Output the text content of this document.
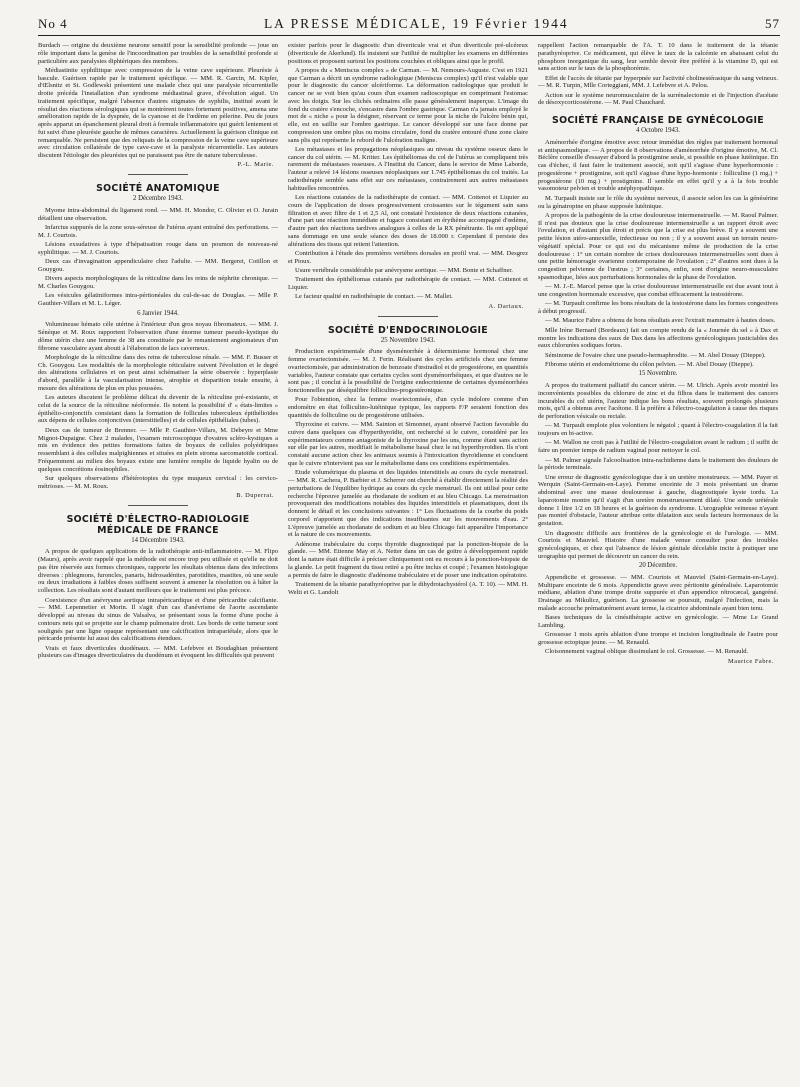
No 4	LA PRESSE MÉDICALE, 19 Février 1944	57

Burdach — origine du deuxième neurone sensitif pour la sensibilité profonde — joue un rôle important dans la genèse de l'incoordination par troubles de la sensibilité profonde si particulière aux paralysies diphtériques des membres.

Médiastinite syphilitique avec compression de la veine cave supérieure. Pleurésie à bascule. Guérison rapide par le traitement spécifique. — MM. R. Garcin, M. Kipfer, d'Œlsnitz et St. Godlewski présentent une malade chez qui une paralysie récurrentielle droite précéda l'installation d'un syndrome médiastinal grave, d'évolution aiguë. Un traitement spécifique, malgré l'absence d'autres stigmates de syphilis, institué avant le résultat des réactions sérologiques qui se montrèrent toutes fortement positives, amena une amélioration rapide de la dyspnée, de la cyanose et de l'œdème en pèlerine. Peu de jours après apparut un épanchement pleural droit à formule inflammatoire qui guérit lentement et fut suivi d'une pleurésie gauche de mêmes caractères. Actuellement la guérison clinique est remarquable. Ne persistent que des reliquats de la compression de la veine cave supérieure avec circulation collatérale de type cave-cave et la paralysie récurrentielle. Les auteurs discutent l'étiologie des pleurésies qui ne paraissent pas être de nature tuberculeuse.

P.-L. Marie.
SOCIÉTÉ ANATOMIQUE
2 Décembre 1943.

Myome intra-abdominal du ligament rond. — MM. H. Mondor, C. Olivier et O. Jurain détaillent une observation.

Infarctus suppurés de la zone sous-séreuse de l'utérus ayant entraîné des perforations. — M. J. Courtois.

Lésions exsudatives à type d'hépatisation rouge dans un poumon de nouveau-né syphilitique. — M. J. Courtois.

Deux cas d'invagination appendiculaire chez l'adulte. — MM. Bergeret, Cotillon et Gouygou.

Divers aspects morphologiques de la réticuline dans les reins de néphrite chronique. — M. Charles Gouygou.

Les vésicules gélatiniformes intra-péritonéales du cul-de-sac de Douglas. — Mlle P. Gauthier-Villars et M. L. Léger.

6 Janvier 1944.

Volumineuse hémato cèle utérine à l'intérieur d'un gros noyau fibromateux. — MM. J. Sénèque et M. Roux rapportent l'observation d'une énorme tumeur pseudo-kystique du dôme utérin chez une femme de 38 ans constituée par le remaniement angiomateux d'un fibrome vasculaire ayant abouti à l'élaboration de lacs caverneux.

Morphologie de la réticuline dans des reins de tuberculose rénale. — MM. F. Busser et Ch. Gouygou. Les modalités de la morphologie réticulaire suivent l'évolution et le degré des altérations cellulaires et on peut ainsi schématiser la série observée : hyperplasie d'abord, parallèle à la vascularisation intense, atrophie et disparition totale ensuite, à mesure des altérations de plus en plus poussées.

Les auteurs discutent le problème délicat du devenir de la réticuline pré-existante, et celui de la source de la réticuline néoformée. Ils notent la possibilité d' « états-limites » épithélio-conjonctifs consistant dans la formation de follicules tuberculeux épithélioïdes aux dépens de cellules conjonctives (interstitielles) et de cellules épithéliales (tubes).

Deux cas de tumeur de Brenner. — Mlle P. Gauthier-Villars, M. Debeyre et Mme Mignot-Dupaigne. Chez 2 malades, l'examen microscopique d'ovaires scléro-kystiques a mis en évidence des petites formations faites de boyaux de cellules polyédriques ressemblant à des cellules malpighiennes et situées en plein stroma sarcomatoïde cortical. Fréquemment au milieu des boyaux existe une lumière remplie de liquide hyalin ou de quelques concrétions éosinophiles.

Sur quelques observations d'hétérotopies du type muqueux cervical : les cervico-métrioses. — M. M. Roux.

B. Duperrat.
SOCIÉTÉ D'ÉLECTRO-RADIOLOGIE MÉDICALE DE FRANCE
14 Décembre 1943.

A propos de quelques applications de la radiothérapie anti-inflammatoire. — M. Flipo (Maurs), après avoir rappelé que la méthode est encore trop peu utilisée et qu'elle ne doit pas être réservée aux formes chroniques, rapporte les résultats obtenus dans des infections diverses : phlegmons, furoncles, panaris, hidrosadénites, parotidites, mastites, où une seule ou deux irradiations à faibles doses suffisent souvent à amener la résolution ou à hâter la collection. Les résultats sont d'autant meilleurs que le traitement est plus précoce.

Coexistence d'un anévrysme aortique intrapéricardique et d'une péricardite calcifiante. — MM. Lepennetier et Morin. Il s'agit d'un cas d'anévrisme de l'aorte ascendante développé au niveau du sinus de Valsalva, se présentant sous la forme d'une poche à contours nets qui se projette sur le champ pulmonaire droit. Les bords de cette tumeur sont soulignés par une ligne opaque représentant une calcification intrapariétale, alors que le péricarde présente lui aussi des calcifications étendues.

Vrais et faux diverticules duodénaux. — MM. Lefebvre et Boudaghian présentent plusieurs cas d'images diverticulaires du duodénum et évoquent les difficultés qui peuvent

exister parfois pour le diagnostic d'un diverticule vrai et d'un diverticule pré-ulcéreux (diverticule de Akerlund). Ils insistent sur l'utilité de multiplier les examens en différentes positions et proposent surtout les positions couchées et obliques ainsi que le profil.

A propos du « Meniscus complex » de Carman. — M. Nemours-Auguste. C'est en 1921 que Carman a décrit un syndrome radiologique (Meniscus complex) qu'il n'est valable que pour le diagnostic du cancer ulcériforme. La déformation radiologique que produit le cancer ne se voit bien qu'au cours d'un examen radioscopique en comprimant l'estomac avec les doigts. Sur les clichés ordinaires elle passe généralement inaperçue. L'image du fond du cratère s'encoche, s'encastre dans l'ombre gastrique. Carman n'a jamais employé le mot de « niche » pour la désigner, réservant ce terme pour la niche de l'ulcère bénin qui, elle, est en saillie sur l'ombre gastrique. Le cancer développé sur une face donne par compression une ombre plus ou moins circulaire, fond du cratère entouré d'une zone claire sans plis qui représente le rebord de l'ulcération maligne.

Les métastases et les propagations néoplasiques au niveau du système osseux dans le cancer du col utérin. — M. Kritter. Les épithéliomas du col de l'utérus se compliquent très rarement de métastases osseuses. A l'Institut du Cancer, dans le service de Mme Laborde, l'auteur a relevé 14 lésions osseuses néoplasiques sur 1.745 épithéliomas du col traités. La radiothérapie semble sans effet sur ces métastases, contrairement aux autres métastases habituelles rencontrées.

Les réactions cutanées de la radiothérapie de contact. — MM. Cottenot et Liquier au cours de l'application de doses progressivement croissantes sur le tégument sain sans filtration et avec filtre de 1 et 2,5 Al, ont constaté l'existence de deux réactions cutanées, d'une part une réaction immédiate et fugace consistant en érythème accompagné d'œdème, d'autre part des réactions tardives analogues à celles de la RX pénétrante. Ils ont appliqué sans dommage en une seule séance des doses de 18.000 r. Cependant il persiste des altérations des tissus qui retient l'attention.

Contribution à l'étude des premières vertèbres dorsales en profil vrai. — MM. Desgrez et Pioux.

Usure vertébrale considérable par anévrysme aortique. — MM. Bonte et Schaffner.

Traitement des épithéliomas cutanés par radiothérapie de contact. — MM. Cottenot et Liquier.

Le facteur qualité en radiothérapie de contact. — M. Mallet.

A. Dariaux.
SOCIÉTÉ D'ENDOCRINOLOGIE
25 Novembre 1943.

Production expérimentale d'une dysménorrhée à déterminisme hormonal chez une femme ovariectomisée. — M. J. Ferin. Réalisant des cycles artificiels chez une femme ovariectomisée, par administration de benzoate d'œstradiol et de progestérone, en quantités variables, l'auteur constate que certains cycles sont dysménorrhéiques, et que d'autres ne le sont pas ; il conclut à la possibilité de l'origine endocrinienne de certaines dysménorrhées fonctionnelles par déséquilibre folliculino-progestéronique.

Pour l'obtention, chez la femme ovariectomisée, d'un cycle indolore comme d'un endomètre en état folliculino-lutéinique typique, les rapports F/P seraient fonction des quantités de folliculine ou de progestérone utilisées.

Thyroxine et cuivre. — MM. Sainton et Simonnet, ayant observé l'action favorable du cuivre dans quelques cas d'hyperthyroïdie, ont recherché si le cuivre, considéré par les expérimentateurs comme antagoniste de la thyroxine par les uns, comme étant sans action sur elle par les autres, modifiait le métabolisme basal chez le rat hyperthyroïdien. Ils n'ont constaté aucune action chez les animaux soumis à l'intoxication thyroïdienne et concluent que le cuivre n'intervient pas sur le métabolisme dans ces conditions expérimentales.

Etude volumétrique du plasma et des liquides interstitiels au cours du cycle menstruel. — MM. R. Cachera, P. Barbier et J. Scherrer ont cherché à établir directement la réalité des perturbations de l'équilibre hydrique au cours du cycle menstruel. Ils ont utilisé pour cette recherche l'épreuve jumelée au rhodanate de sodium et au bleu Chicago. La menstruation provoquerait des modifications notables des liquides interstitiels et plasmatiques, dont ils donnent le détail et les conclusions suivantes : 1° Les fluctuations de la courbe du poids corporel n'apportent que des indications insuffisantes sur les mouvements d'eau. 2° L'épreuve jumelée au rhodanate de sodium et au bleu Chicago fait apparaître l'importance et la nature de ces mouvements.

Adénome trabéculaire du corps thyroïde diagnostiqué par la ponction-biopsie de la glande. — MM. Etienne May et A. Netter dans un cas de goitre à développement rapide dont la nature était difficile à préciser cliniquement ont eu recours à la ponction-biopsie de la glande. Le petit fragment du tissu retiré a pu être inclus et coupé ; l'examen histologique a permis de faire le diagnostic d'adénome trabéculaire et de poser une indication opératoire.

Traitement de la tétanie parathyréoprive par le dihydrotachystérol (A. T. 10). — MM. H. Welti et G. Landolt

rappellent l'action remarquable de l'A. T. 10 dans le traitement de la tétanie parathyréoprive. Ce médicament, qui élève le taux de la calcémie en abaissant celui du phosphore inorganique du sang, leur semble devoir être préféré à la vitamine D, qui est sans action sur le taux de la phosphorémie.

Effet de l'accès de tétanie par hyperpnée sur l'activité cholinestérasique du sang veineux. — M. R. Turpin, Mlle Corteggiani, MM. J. Lefebvre et A. Pelou.

Action sur le système neuromusculaire de la surrénalectomie et de l'injection d'acétate de désoxycorticostérone. — M. Paul Chauchard.

SOCIÉTÉ FRANÇAISE DE GYNÉCOLOGIE
4 Octobre 1943.

Aménorrhée d'origine émotive avec retour immédiat des règles par traitement hormonal et antispasmodique. — A propos de 8 observations d'aménorrhée d'origine émotive, M. Cl. Béclère conseille d'essayer d'abord la prostigmine seule, si possible en phase lutéinique. En cas d'échec, il faut faire le traitement associé, soit qu'il s'agisse d'une hyperhormonie : progestérone + prostigmine, soit qu'il s'agisse d'une hypo-hormonie : folliculine (1 mg.) + progestérone (10 mg.) + prostigmine. Il semble en effet qu'il y a à la fois trouble vasomoteur pelvien et trouble anéphyopathique.

M. Turpault insiste sur le rôle du système nerveux, il associe selon les cas la génésérine ou la génatropine en phase supposée lutéinique.

A propos de la pathogénie de la crise douloureuse intermenstruelle. — M. Raoul Palmer. Il n'est pas douteux que la crise douloureuse intermenstruelle a un rapport étroit avec l'ovulation, et d'autant plus étroit et précis que la crise est plus brève. Il y a souvent une petite lésion utéro-annexielle, infectieuse ou non ; il y a souvent aussi un terrain neuro-végétatif spécial. Pour ce qui est du mécanisme même de production de la crise douloureuse : 1° un certain nombre de crises douloureuses intermenstruelles sont dues à une petite hémorragie ovarienne contemporaine de l'ovulation ; 2° d'autres sont dues à la congestion pelvienne de l'œstrus ; 3° certaines, enfin, sont d'origine neuro-musculaire spasmodique, liées aux perturbations hormonales de la phase de l'ovulation.

— M. J.-E. Marcel pense que la crise douloureuse intermenstruelle est due avant tout à une congestion hormonale excessive, que combat efficacement la testostérone.

— M. Turpault confirme les bons résultats de la testostérone dans les formes congestives à début progressif.

— M. Maurice Fabre a obtenu de bons résultats avec l'extrait mammaire à hautes doses.

Mlle Irène Bernard (Bordeaux) fait un compte rendu de la « Journée du sel » à Dax et montre les indications des eaux de Dax dans les affections gynécologiques justiciables des eaux chlorurées sodiques fortes.

Séminome de l'ovaire chez une pseudo-hermaphrodite. — M. Abel Douay (Dieppe).

Fibrome utérin et endométriome du côlon pelvien. — M. Abel Douay (Dieppe).

15 Novembre.

A propos du traitement palliatif du cancer utérin. — M. Ulrich. Après avoir montré les inconvénients possibles du chlorure de zinc et du filhos dans le traitement des cancers incurables du col utérin, l'auteur indique les bons résultats, souvent prolongés plusieurs mois, qu'il a obtenus avec l'acétone. Il la préfère à l'électro-coagulation à cause des risques de perforation vésicale ou rectale.

— M. Turpault emploie plus volontiers le négatol ; quant à l'électro-coagulation il la fait toujours en bi-active.

— M. Wallon ne croit pas à l'utilité de l'électro-coagulation avant le radium ; il suffit de faire un premier temps de radium vaginal pour nettoyer le col.

— M. Palmer signale l'alcoolisation intra-rachidienne dans le traitement des douleurs de la période terminale.

Une erreur de diagnostic gynécologique due à un uretère monstrueux. — MM. Payer et Werquin (Saint-Germain-en-Laye). Femme enceinte de 3 mois présentant un drame abdominal avec une masse douloureuse à gauche, diagnostiquée kyste tordu. La laparotomie montre qu'il s'agit d'un uretère monstrueusement dilaté. Une sonde urétérale donne 1 litre 1/2 en 18 heures et la guérison du syndrome. L'urographie veineuse n'ayant pas montré d'obstacle, l'auteur attribue cette dilatation aux seuls facteurs hormonaux de la gestation.

Un diagnostic difficile aux frontières de la gynécologie et de l'urologie. — MM. Courtois et Mauviel. Histoire d'une malade venue consulter pour des troubles gynécologiques, et chez qui l'absence de lésion génitale décelable incite à pratiquer une urographie qui permet de découvrir un cancer du rein.

20 Décembre.

Appendicite et grossesse. — MM. Courtois et Mauviel (Saint-Germain-en-Laye). Multipare enceinte de 6 mois. Appendicite grave avec péritonite généralisée. Laparotomie médiane, ablation d'une trompe droite suppurée et d'un appendice rétrocæcal, gangréné. Drainage au Mikulicz, guérison. La grossesse se poursuit, malgré l'infection, mais la malade accouche prématurément avant terme, la cicatrice abdominale ayant bien tenu.

Bases techniques de la cinésithérapie active en gynécologie. — Mme Le Grand Lambling.

Grossesse 1 mois après ablation d'une trompe et incision longitudinale de l'autre pour grossesse ectopique jeune. — M. Renauld.

Cloisonnement vaginal oblique dissimulant le col. Grossesse. — M. Renauld.

Maurice Fabre.
